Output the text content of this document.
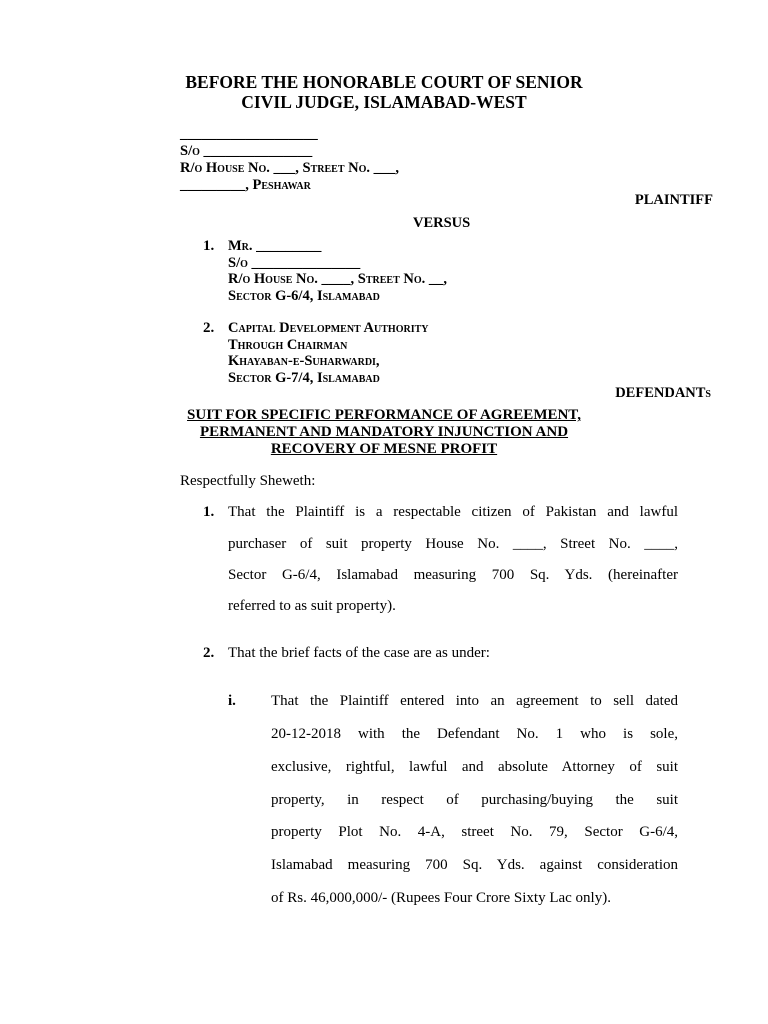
BEFORE THE HONORABLE COURT OF SENIOR
CIVIL JUDGE, ISLAMABAD-WEST
___________________
S/o _______________
R/o House No. ___, Street No. ___,
_________, Peshawar
PLAINTIFF
VERSUS
1. Mr. _________
S/o _______________
R/o House No. ____, Street No. __,
Sector G-6/4, Islamabad
2. Capital Development Authority
Through Chairman
Khayaban-e-Suharwardi,
Sector G-7/4, Islamabad
DEFENDANTs
SUIT FOR SPECIFIC PERFORMANCE OF AGREEMENT,
PERMANENT AND MANDATORY INJUNCTION AND
RECOVERY OF MESNE PROFIT
Respectfully Sheweth:
1. That the Plaintiff is a respectable citizen of Pakistan and lawful
purchaser of suit property House No. ____, Street No. ____,
Sector G-6/4, Islamabad measuring 700 Sq. Yds. (hereinafter
referred to as suit property).
2. That the brief facts of the case are as under:
i. That the Plaintiff entered into an agreement to sell dated
20-12-2018 with the Defendant No. 1 who is sole,
exclusive, rightful, lawful and absolute Attorney of suit
property, in respect of purchasing/buying the suit
property Plot No. 4-A, street No. 79, Sector G-6/4,
Islamabad measuring 700 Sq. Yds. against consideration
of Rs. 46,000,000/- (Rupees Four Crore Sixty Lac only).
